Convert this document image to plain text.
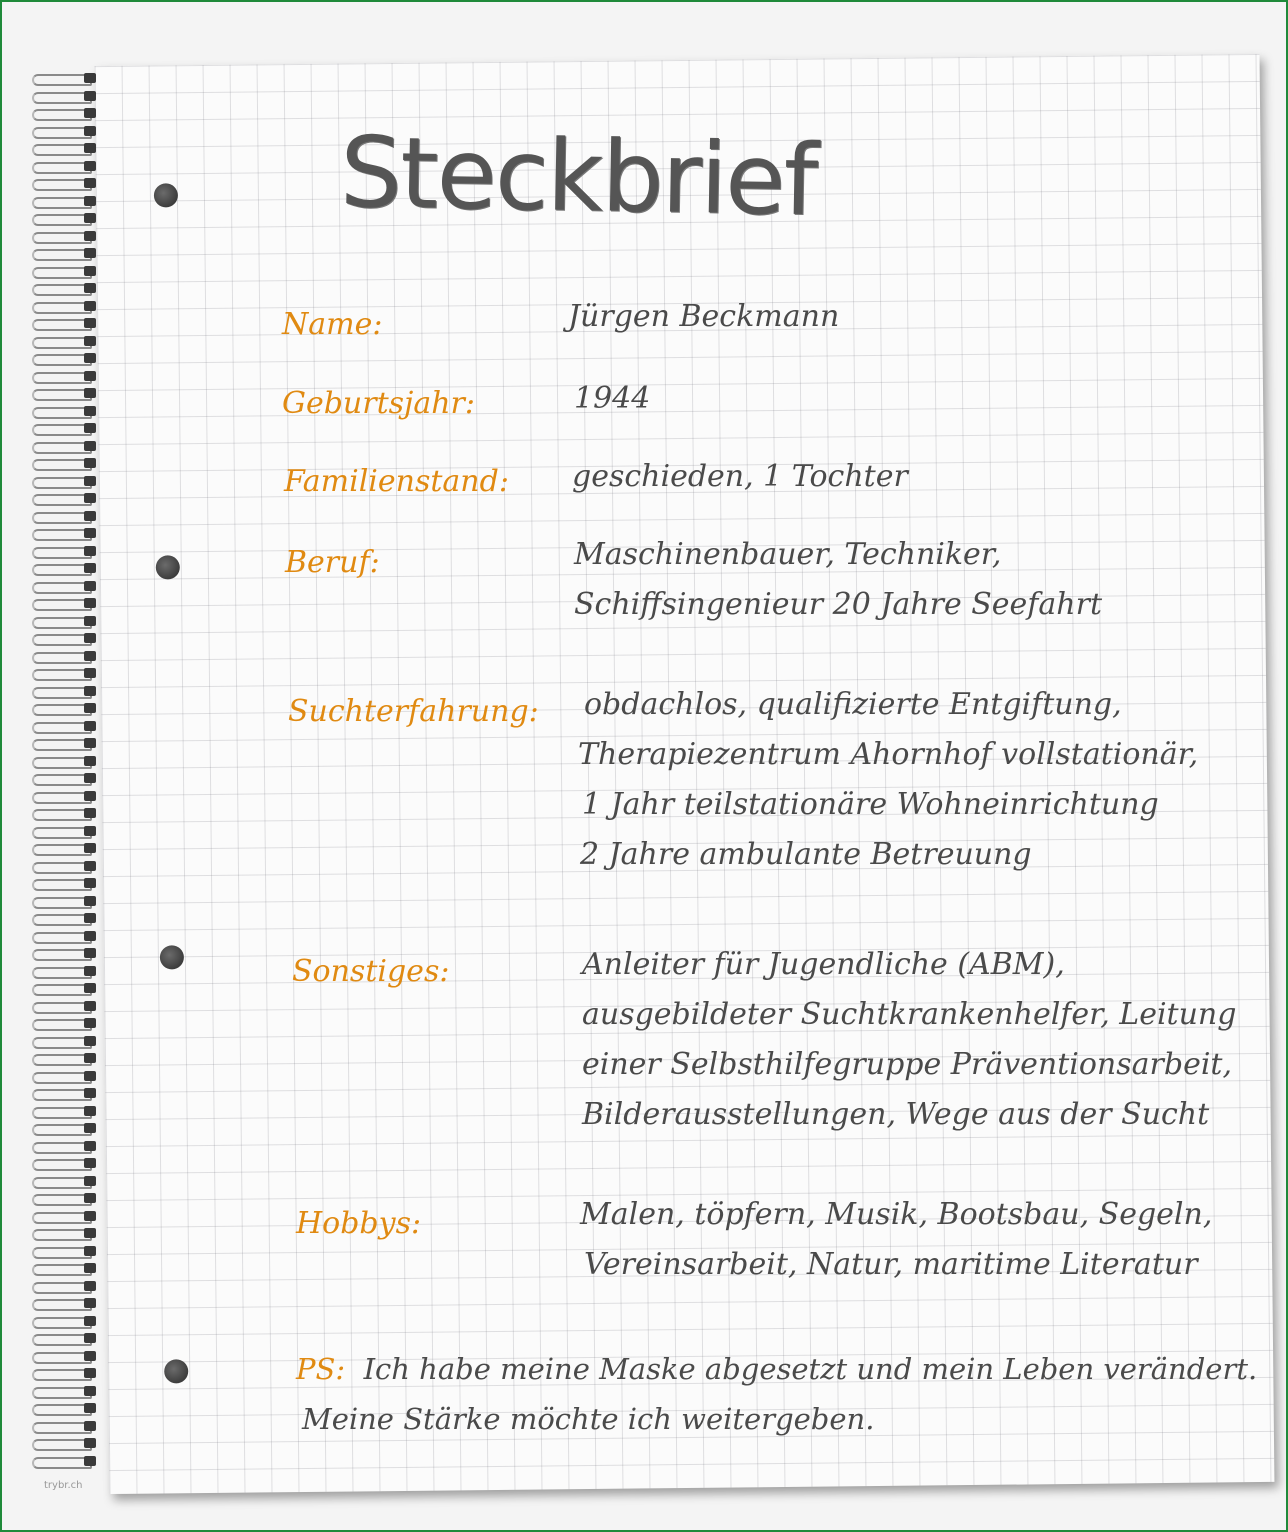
Steckbrief
Name:	Jürgen Beckmann
Geburtsjahr:	1944
Familienstand: geschieden, 1 Tochter
Beruf:	Maschinenbauer, Techniker,
Schiffsingenieur 20 Jahre Seefahrt
Suchterfahrung: obdachlos, qualifizierte Entgiftung,
Therapiezentrum Ahornhof vollstationär,
1 Jahr teilstationäre Wohneinrichtung
2 Jahre ambulante Betreuung
Sonstiges:	Anleiter für Jugendliche (ABM),
ausgebildeter Suchtkrankenhelfer, Leitung
einer Selbsthilfegruppe Präventionsarbeit,
Bilderausstellungen, Wege aus der Sucht
Hobbys:	Malen, töpfern, Musik, Bootsbau, Segeln,
Vereinsarbeit, Natur, maritime Literatur
PS: Ich habe meine Maske abgesetzt und mein Leben verändert.
Meine Stärke möchte ich weitergeben.
trybr.ch
